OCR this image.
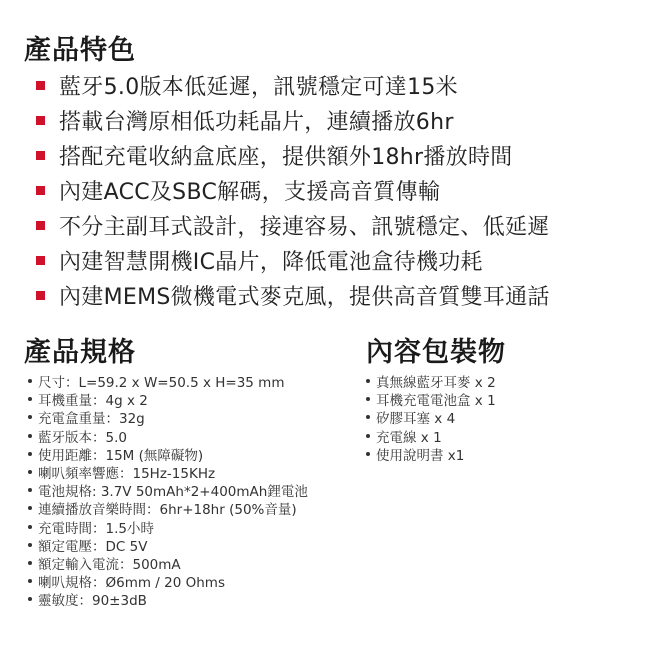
產品特色
藍牙5.0版本低延遲，訊號穩定可達15米
搭載台灣原相低功耗晶片，連續播放6hr
搭配充電收納盒底座，提供額外18hr播放時間
內建ACC及SBC解碼，支援高音質傳輸
不分主副耳式設計，接連容易、訊號穩定、低延遲
內建智慧開機IC晶片，降低電池盒待機功耗
內建MEMS微機電式麥克風，提供高音質雙耳通話
產品規格
尺寸：L=59.2 x W=50.5 x H=35 mm
耳機重量：4g x 2
充電盒重量：32g
藍牙版本：5.0
使用距離：15M (無障礙物)
喇叭頻率響應：15Hz-15KHz
電池規格: 3.7V 50mAh*2+400mAh鋰電池
連續播放音樂時間：6hr+18hr (50%音量)
充電時間：1.5小時
額定電壓：DC 5V
額定輸入電流：500mA
喇叭規格：Ø6mm / 20 Ohms
靈敏度：90±3dB
內容包裝物
真無線藍牙耳麥 x 2
耳機充電電池盒 x 1
矽膠耳塞 x 4
充電線 x 1
使用說明書 x1
